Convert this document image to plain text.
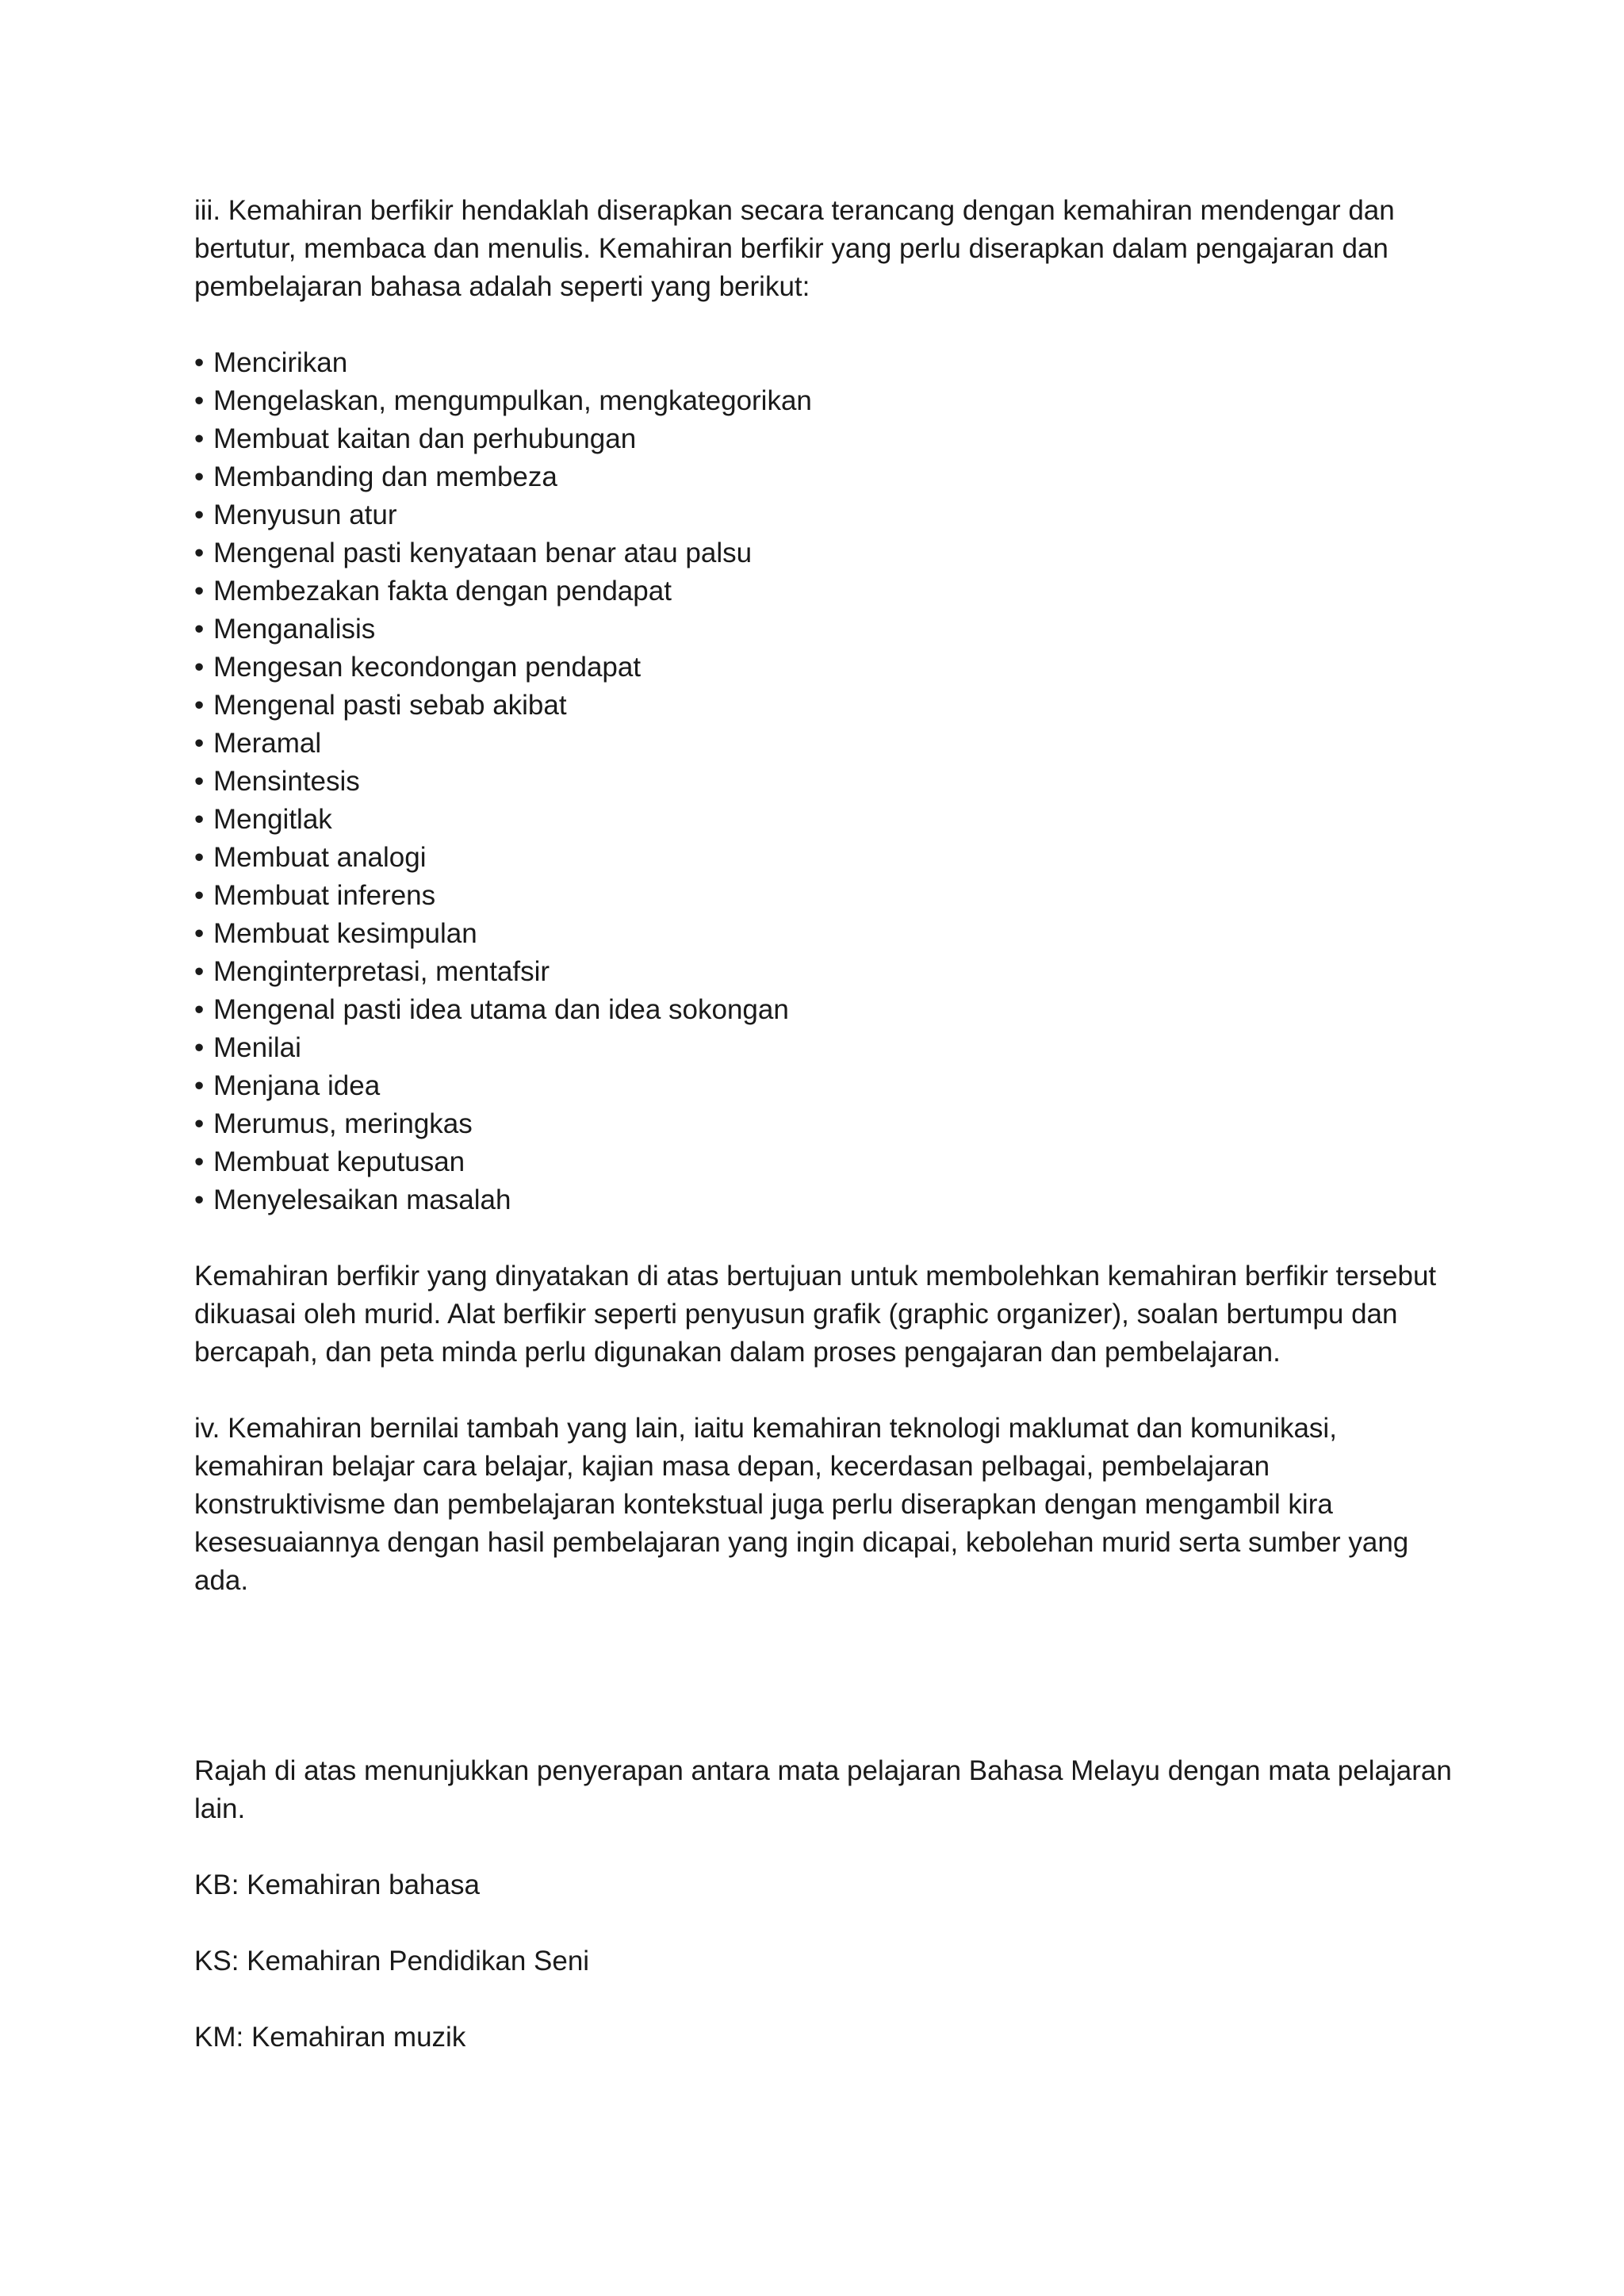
iii. Kemahiran berfikir hendaklah diserapkan secara terancang dengan kemahiran mendengar dan bertutur, membaca dan menulis. Kemahiran berfikir yang perlu diserapkan dalam pengajaran dan pembelajaran bahasa adalah seperti yang berikut:

• Mencirikan
• Mengelaskan, mengumpulkan, mengkategorikan
• Membuat kaitan dan perhubungan
• Membanding dan membeza
• Menyusun atur
• Mengenal pasti kenyataan benar atau palsu
• Membezakan fakta dengan pendapat
• Menganalisis
• Mengesan kecondongan pendapat
• Mengenal pasti sebab akibat
• Meramal
• Mensintesis
• Mengitlak
• Membuat analogi
• Membuat inferens
• Membuat kesimpulan
• Menginterpretasi, mentafsir
• Mengenal pasti idea utama dan idea sokongan
• Menilai
• Menjana idea
• Merumus, meringkas
• Membuat keputusan
• Menyelesaikan masalah

Kemahiran berfikir yang dinyatakan di atas bertujuan untuk membolehkan kemahiran berfikir tersebut dikuasai oleh murid. Alat berfikir seperti penyusun grafik (graphic organizer), soalan bertumpu dan bercapah, dan peta minda perlu digunakan dalam proses pengajaran dan pembelajaran.

iv. Kemahiran bernilai tambah yang lain, iaitu kemahiran teknologi maklumat dan komunikasi, kemahiran belajar cara belajar, kajian masa depan, kecerdasan pelbagai, pembelajaran konstruktivisme dan pembelajaran kontekstual juga perlu diserapkan dengan mengambil kira kesesuaiannya dengan hasil pembelajaran yang ingin dicapai, kebolehan murid serta sumber yang ada.

Rajah di atas menunjukkan penyerapan antara mata pelajaran Bahasa Melayu dengan mata pelajaran lain.

KB: Kemahiran bahasa

KS: Kemahiran Pendidikan Seni

KM: Kemahiran muzik
